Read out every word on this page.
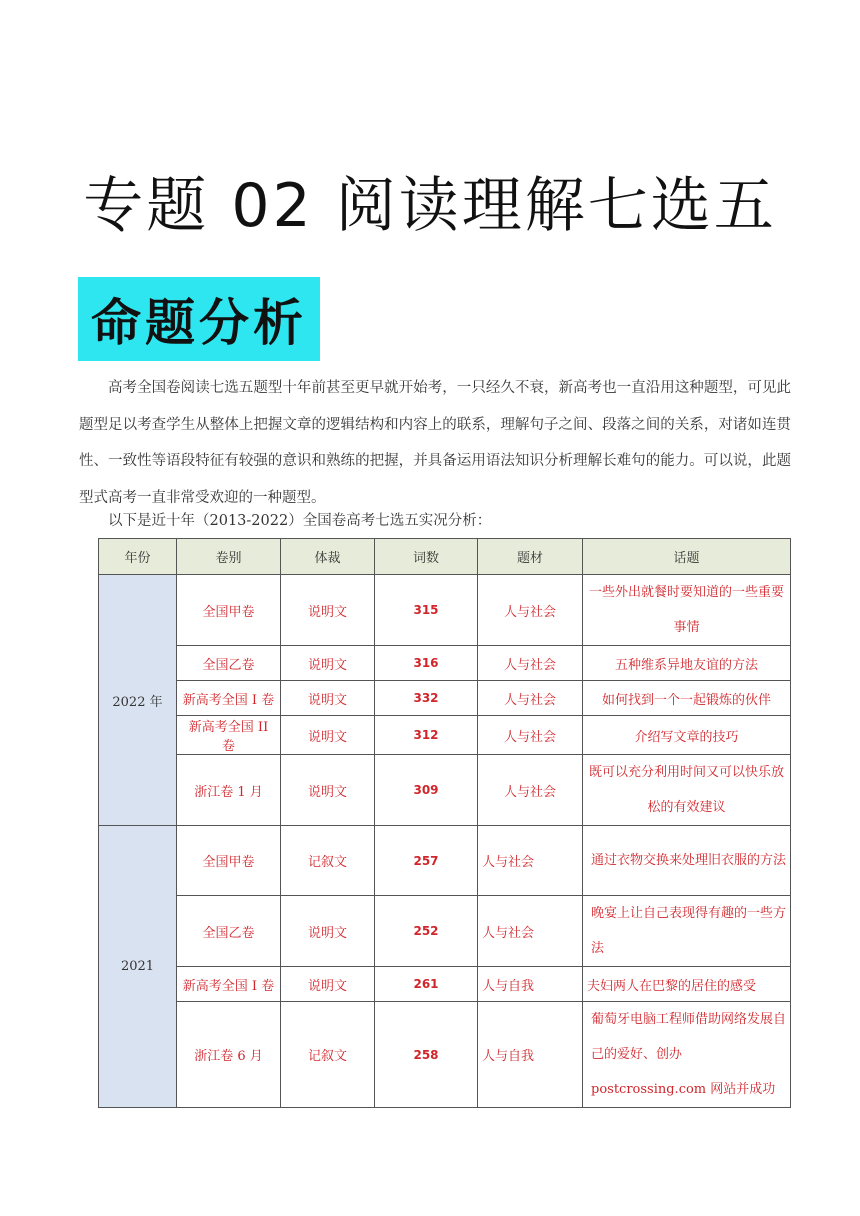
专题 02 阅读理解七选五
命题分析

高考全国卷阅读七选五题型十年前甚至更早就开始考，一只经久不衰，新高考也一直沿用这种题型，可见此题型足以考查学生从整体上把握文章的逻辑结构和内容上的联系，理解句子之间、段落之间的关系，对诸如连贯性、一致性等语段特征有较强的意识和熟练的把握，并具备运用语法知识分析理解长难句的能力。可以说，此题型式高考一直非常受欢迎的一种题型。

以下是近十年（2013-2022）全国卷高考七选五实况分析：

年份	卷别	体裁	词数	题材	话题
2022 年	全国甲卷	说明文	315	人与社会	一些外出就餐时要知道的一些重要事情
	全国乙卷	说明文	316	人与社会	五种维系异地友谊的方法
	新高考全国 I 卷	说明文	332	人与社会	如何找到一个一起锻炼的伙伴
	新高考全国 II 卷	说明文	312	人与社会	介绍写文章的技巧
	浙江卷 1 月	说明文	309	人与社会	既可以充分利用时间又可以快乐放松的有效建议
2021	全国甲卷	记叙文	257	人与社会	通过衣物交换来处理旧衣服的方法
	全国乙卷	说明文	252	人与社会	晚宴上让自己表现得有趣的一些方法
	新高考全国 I 卷	说明文	261	人与自我	夫妇两人在巴黎的居住的感受
	浙江卷 6 月	记叙文	258	人与自我	葡萄牙电脑工程师借助网络发展自己的爱好、创办 postcrossing.com 网站并成功
